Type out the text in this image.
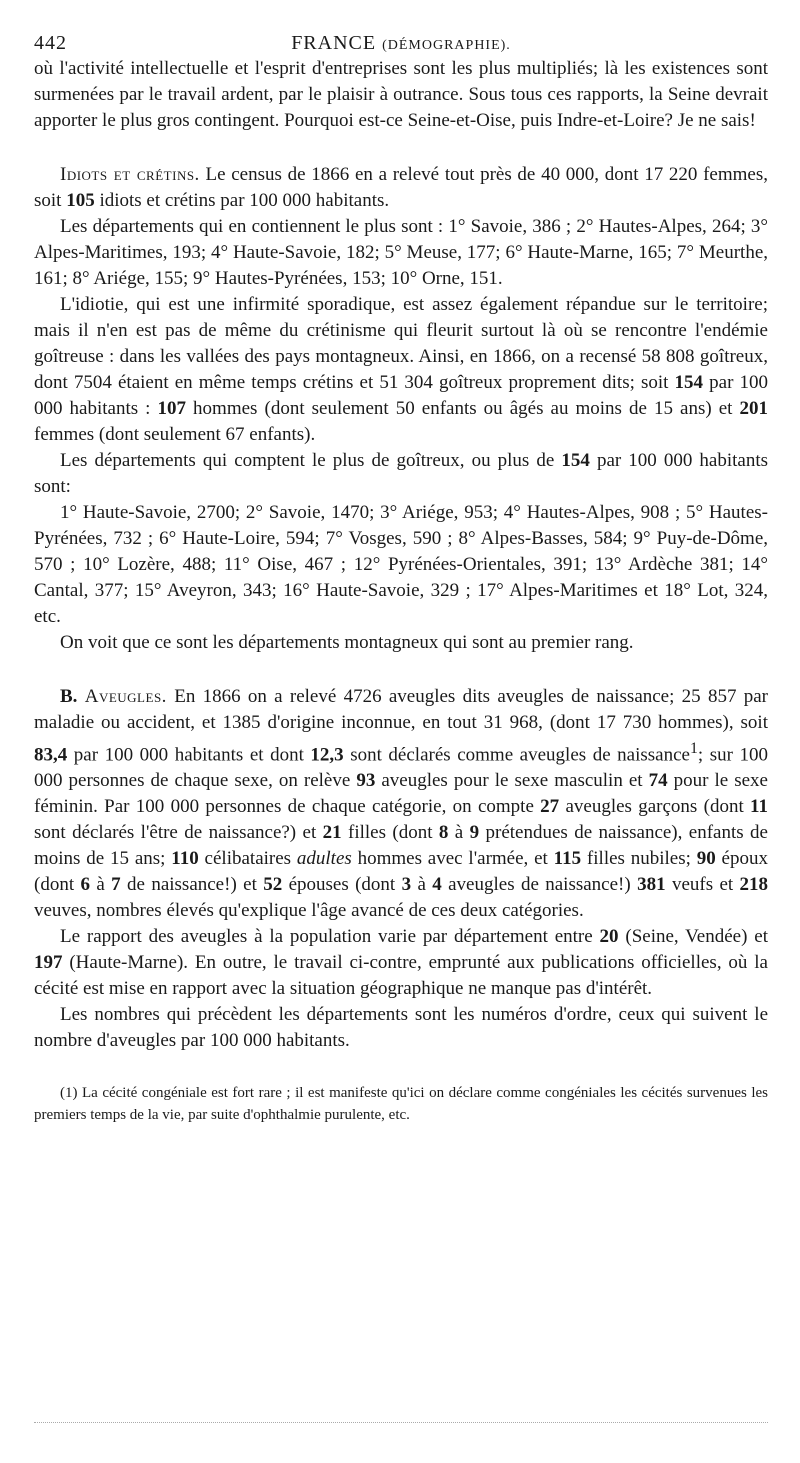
442	FRANCE (DÉMOGRAPHIE).

où l'activité intellectuelle et l'esprit d'entreprises sont les plus multipliés; là les existences sont surmenées par le travail ardent, par le plaisir à outrance. Sous tous ces rapports, la Seine devrait apporter le plus gros contingent. Pourquoi est-ce Seine-et-Oise, puis Indre-et-Loire? Je ne sais!

Idiots et crétins. Le census de 1866 en a relevé tout près de 40 000, dont 17 220 femmes, soit 105 idiots et crétins par 100 000 habitants.

Les départements qui en contiennent le plus sont : 1° Savoie, 386 ; 2° Hautes-Alpes, 264; 3° Alpes-Maritimes, 193; 4° Haute-Savoie, 182; 5° Meuse, 177; 6° Haute-Marne, 165; 7° Meurthe, 161; 8° Ariége, 155; 9° Hautes-Pyrénées, 153; 10° Orne, 151.

L'idiotie, qui est une infirmité sporadique, est assez également répandue sur le territoire; mais il n'en est pas de même du crétinisme qui fleurit surtout là où se rencontre l'endémie goîtreuse : dans les vallées des pays montagneux. Ainsi, en 1866, on a recensé 58 808 goîtreux, dont 7504 étaient en même temps crétins et 51 304 goîtreux proprement dits; soit 154 par 100 000 habitants : 107 hommes (dont seulement 50 enfants ou âgés au moins de 15 ans) et 201 femmes (dont seulement 67 enfants).

Les départements qui comptent le plus de goîtreux, ou plus de 154 par 100 000 habitants sont:

1° Haute-Savoie, 2700; 2° Savoie, 1470; 3° Ariége, 953; 4° Hautes-Alpes, 908 ; 5° Hautes-Pyrénées, 732 ; 6° Haute-Loire, 594; 7° Vosges, 590 ; 8° Alpes-Basses, 584; 9° Puy-de-Dôme, 570 ; 10° Lozère, 488; 11° Oise, 467 ; 12° Pyrénées-Orientales, 391; 13° Ardèche 381; 14° Cantal, 377; 15° Aveyron, 343; 16° Haute-Savoie, 329 ; 17° Alpes-Maritimes et 18° Lot, 324, etc.

On voit que ce sont les départements montagneux qui sont au premier rang.

B. Aveugles. En 1866 on a relevé 4726 aveugles dits aveugles de naissance; 25 857 par maladie ou accident, et 1385 d'origine inconnue, en tout 31 968, (dont 17 730 hommes), soit 83,4 par 100 000 habitants et dont 12,3 sont déclarés comme aveugles de naissance$^1$; sur 100 000 personnes de chaque sexe, on relève 93 aveugles pour le sexe masculin et 74 pour le sexe féminin. Par 100 000 personnes de chaque catégorie, on compte 27 aveugles garçons (dont 11 sont déclarés l'être de naissance?) et 21 filles (dont 8 à 9 prétendues de naissance), enfants de moins de 15 ans; 110 célibataires adultes hommes avec l'armée, et 115 filles nubiles; 90 époux (dont 6 à 7 de naissance!) et 52 épouses (dont 3 à 4 aveugles de naissance!) 381 veufs et 218 veuves, nombres élevés qu'explique l'âge avancé de ces deux catégories.

Le rapport des aveugles à la population varie par département entre 20 (Seine, Vendée) et 197 (Haute-Marne). En outre, le travail ci-contre, emprunté aux publications officielles, où la cécité est mise en rapport avec la situation géographique ne manque pas d'intérêt.

Les nombres qui précèdent les départements sont les numéros d'ordre, ceux qui suivent le nombre d'aveugles par 100 000 habitants.

(1) La cécité congéniale est fort rare ; il est manifeste qu'ici on déclare comme congéniales les cécités survenues les premiers temps de la vie, par suite d'ophthalmie purulente, etc.
